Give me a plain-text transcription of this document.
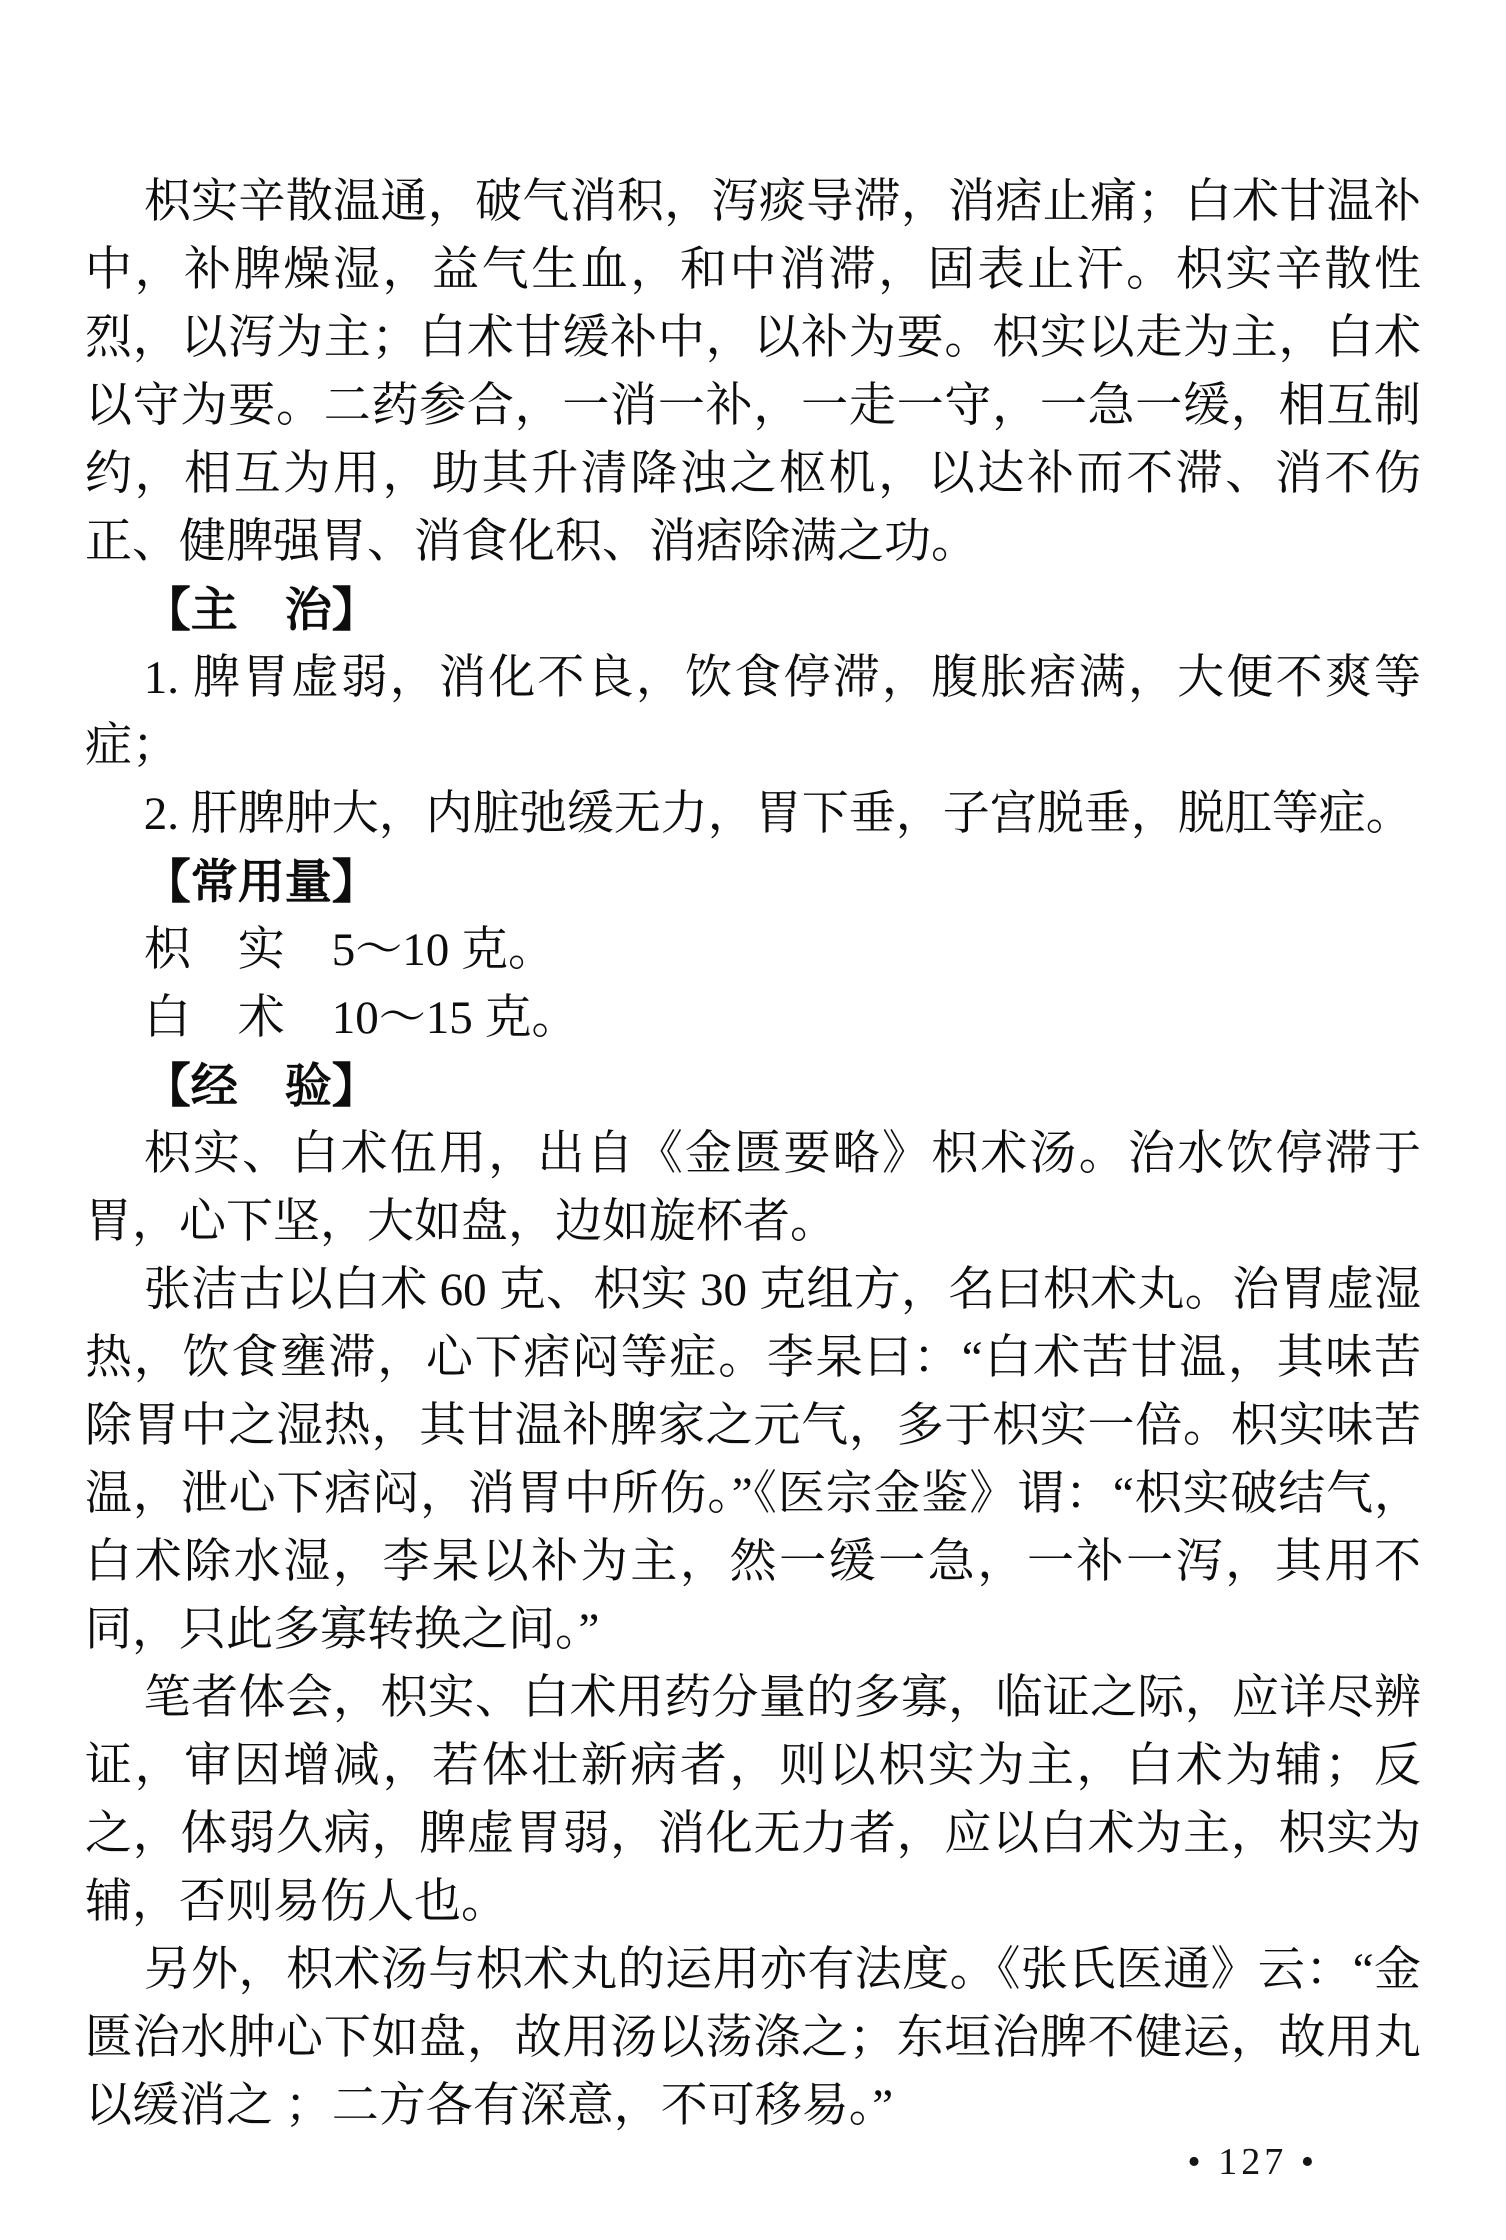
枳实辛散温通，破气消积，泻痰导滞，消痞止痛；白术甘温补中，补脾燥湿，益气生血，和中消滞，固表止汗。枳实辛散性烈，以泻为主；白术甘缓补中，以补为要。枳实以走为主，白术以守为要。二药参合，一消一补，一走一守，一急一缓，相互制约，相互为用，助其升清降浊之枢机，以达补而不滞、消不伤正、健脾强胃、消食化积、消痞除满之功。

【主　治】

1. 脾胃虚弱，消化不良，饮食停滞，腹胀痞满，大便不爽等症；

2. 肝脾肿大，内脏弛缓无力，胃下垂，子宫脱垂，脱肛等症。

【常用量】

枳　实　5～10 克。

白　术　10～15 克。

【经　验】

枳实、白术伍用，出自《金匮要略》枳术汤。治水饮停滞于胃，心下坚，大如盘，边如旋杯者。

张洁古以白术 60 克、枳实 30 克组方，名曰枳术丸。治胃虚湿热，饮食壅滞，心下痞闷等症。李杲曰：“白术苦甘温，其味苦除胃中之湿热，其甘温补脾家之元气，多于枳实一倍。枳实味苦温，泄心下痞闷，消胃中所伤。”《医宗金鉴》谓：“枳实破结气，白术除水湿，李杲以补为主，然一缓一急，一补一泻，其用不同，只此多寡转换之间。”

笔者体会，枳实、白术用药分量的多寡，临证之际，应详尽辨证，审因增减，若体壮新病者，则以枳实为主，白术为辅；反之，体弱久病，脾虚胃弱，消化无力者，应以白术为主，枳实为辅，否则易伤人也。

另外，枳术汤与枳术丸的运用亦有法度。《张氏医通》云：“金匮治水肿心下如盘，故用汤以荡涤之；东垣治脾不健运，故用丸以缓消之 ；二方各有深意，不可移易。”

• 127 •
